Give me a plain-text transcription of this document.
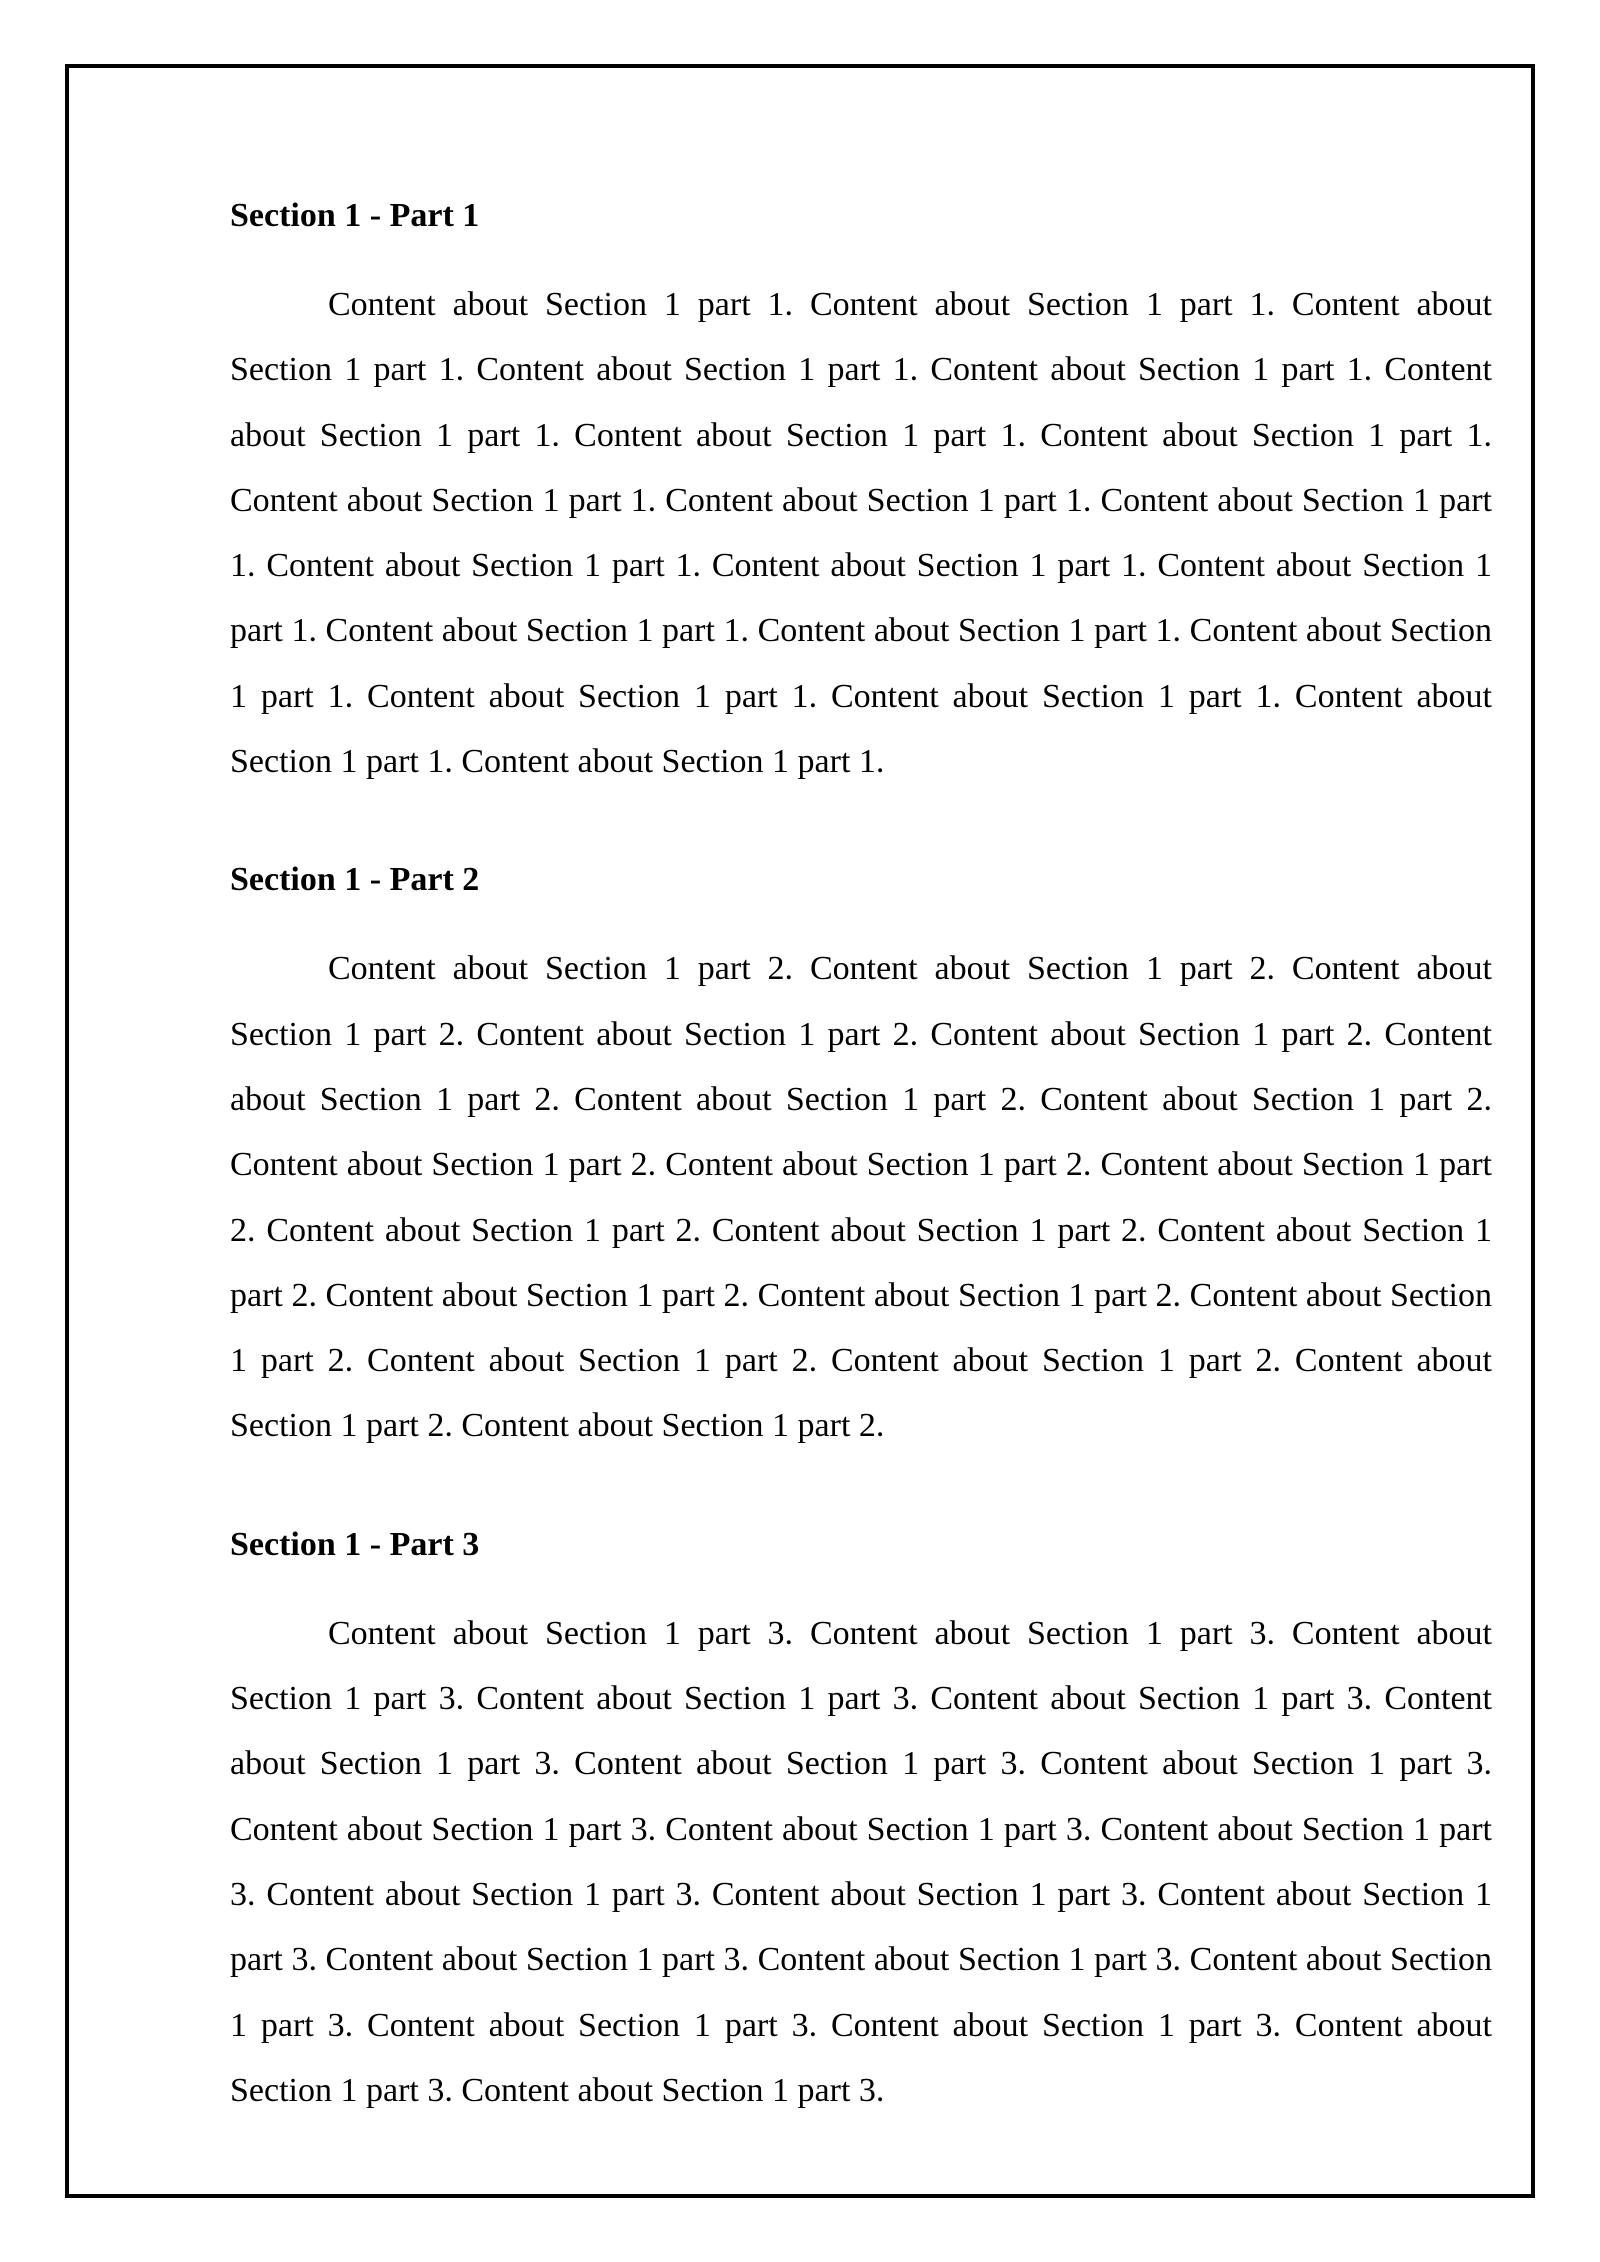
Section 1 - Part 1

Content about Section 1 part 1. Content about Section 1 part 1. Content about Section 1 part 1. Content about Section 1 part 1. Content about Section 1 part 1. Content about Section 1 part 1. Content about Section 1 part 1. Content about Section 1 part 1. Content about Section 1 part 1. Content about Section 1 part 1. Content about Section 1 part 1. Content about Section 1 part 1. Content about Section 1 part 1. Content about Section 1 part 1. Content about Section 1 part 1. Content about Section 1 part 1. Content about Section 1 part 1. Content about Section 1 part 1. Content about Section 1 part 1. Content about Section 1 part 1. Content about Section 1 part 1.

Section 1 - Part 2

Content about Section 1 part 2. Content about Section 1 part 2. Content about Section 1 part 2. Content about Section 1 part 2. Content about Section 1 part 2. Content about Section 1 part 2. Content about Section 1 part 2. Content about Section 1 part 2. Content about Section 1 part 2. Content about Section 1 part 2. Content about Section 1 part 2. Content about Section 1 part 2. Content about Section 1 part 2. Content about Section 1 part 2. Content about Section 1 part 2. Content about Section 1 part 2. Content about Section 1 part 2. Content about Section 1 part 2. Content about Section 1 part 2. Content about Section 1 part 2. Content about Section 1 part 2.

Section 1 - Part 3

Content about Section 1 part 3. Content about Section 1 part 3. Content about Section 1 part 3. Content about Section 1 part 3. Content about Section 1 part 3. Content about Section 1 part 3. Content about Section 1 part 3. Content about Section 1 part 3. Content about Section 1 part 3. Content about Section 1 part 3. Content about Section 1 part 3. Content about Section 1 part 3. Content about Section 1 part 3. Content about Section 1 part 3. Content about Section 1 part 3. Content about Section 1 part 3. Content about Section 1 part 3. Content about Section 1 part 3. Content about Section 1 part 3. Content about Section 1 part 3. Content about Section 1 part 3.
